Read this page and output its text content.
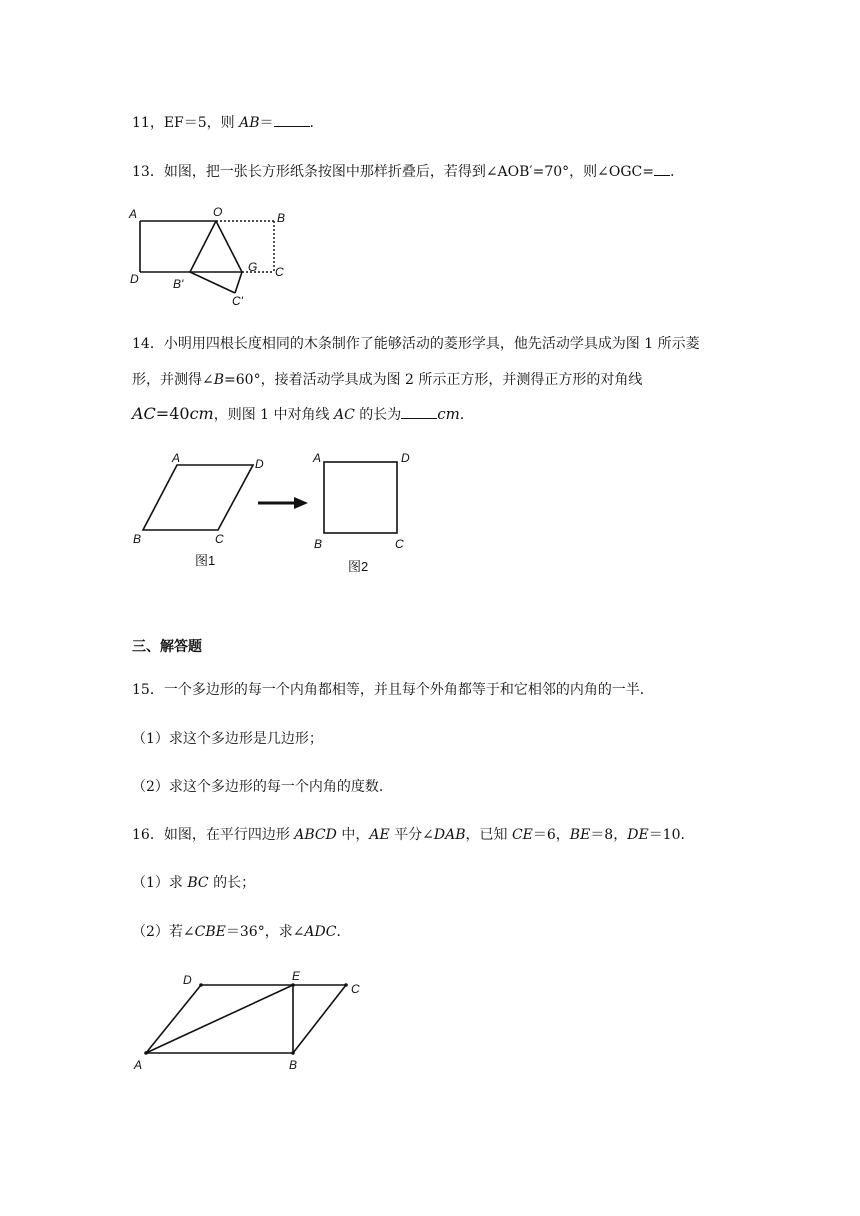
11，EF＝5，则 AB＝	.
13．如图，把一张长方形纸条按图中那样折叠后，若得到∠AOB′=70°，则∠OGC= .
A	O	B
D	B'
G C
C'
14．小明用四根长度相同的木条制作了能够活动的菱形学具，他先活动学具成为图 1 所示菱
形，并测得∠B=60°，接着活动学具成为图 2 所示正方形，并测得正方形的对角线
AC=40cm，则图 1 中对角线 AC 的长为 cm．
A	D
B	C
图1
A	D
B	C
图2
三、解答题
15．一个多边形的每一个内角都相等，并且每个外角都等于和它相邻的内角的一半．
（1）求这个多边形是几边形；
（2）求这个多边形的每一个内角的度数．
16．如图，在平行四边形 ABCD 中，AE 平分∠DAB，已知 CE＝6，BE＝8，DE＝10．
（1）求 BC 的长；
（2）若∠CBE＝36°，求∠ADC．
D	E
C
A	B
